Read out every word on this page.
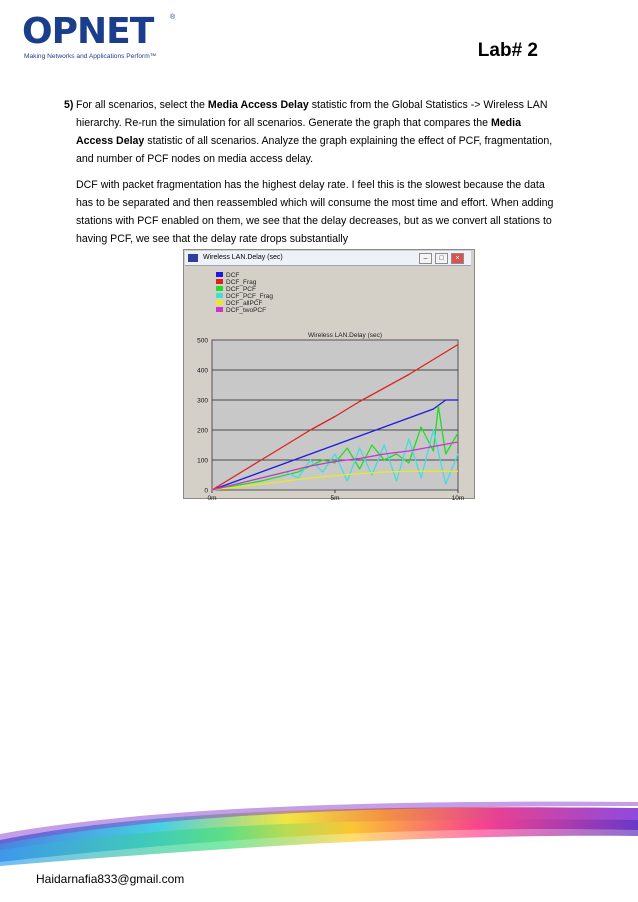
OPNET ®
Making Networks and Applications Perform™	Lab# 2
5) For all scenarios, select the Media Access Delay statistic from the Global Statistics -> Wireless LAN hierarchy. Re-run the simulation for all scenarios. Generate the graph that compares the Media Access Delay statistic of all scenarios. Analyze the graph explaining the effect of PCF, fragmentation, and number of PCF nodes on media access delay.
DCF with packet fragmentation has the highest delay rate. I feel this is the slowest because the data has to be separated and then reassembled which will consume the most time and effort. When adding stations with PCF enabled on them, we see that the delay decreases, but as we convert all stations to having PCF, we see that the delay rate drops substantially
Wireless LAN.Delay (sec)	–	□	×
DCF
DCF_Frag
DCF_PCF
DCF_PCF_Frag
DCF_allPCF
DCF_twoPCF
Wireless LAN.Delay (sec)
0
100
200
300
400
500
0m	5m	10m
Haidarnafia833@gmail.com
